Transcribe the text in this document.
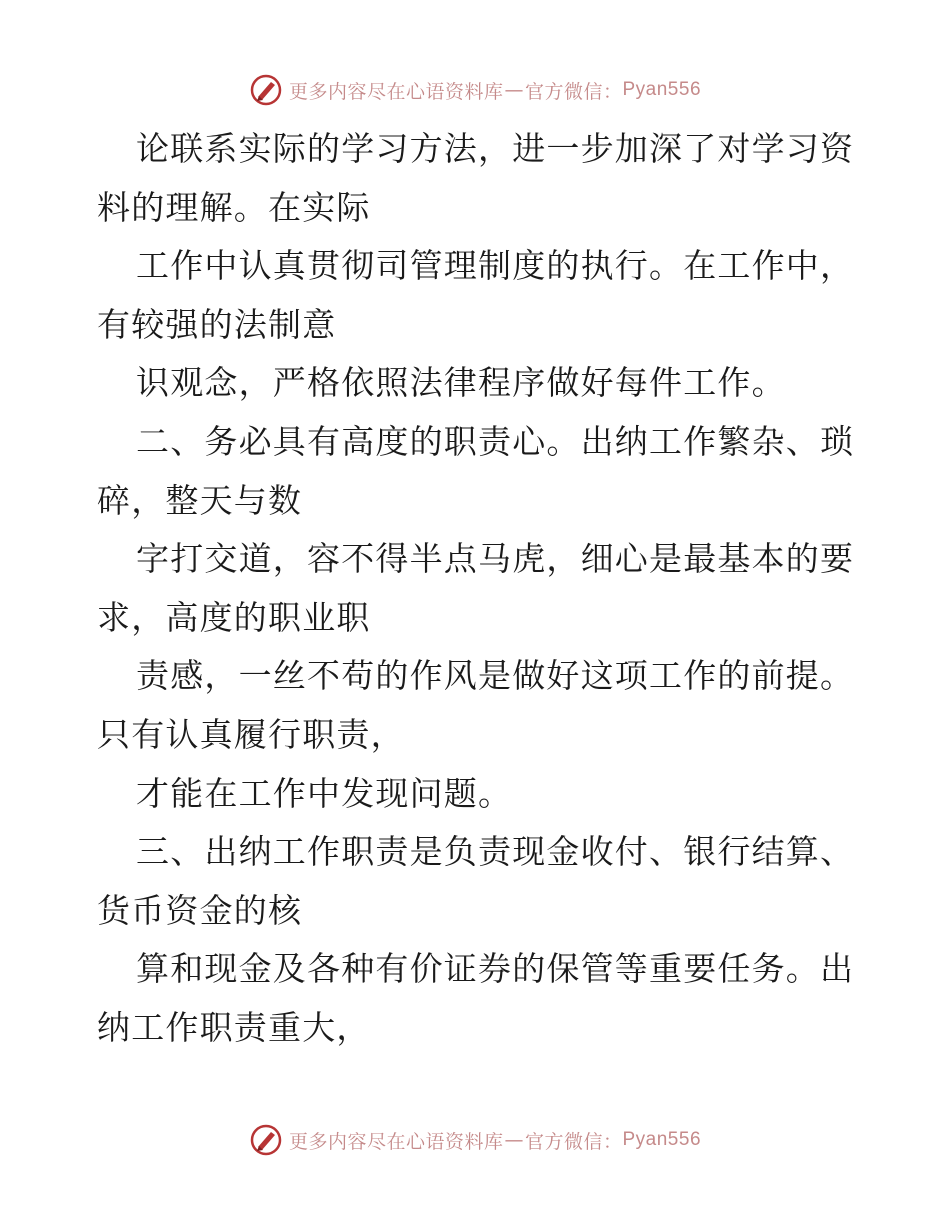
更多内容尽在心语资料库 — 官方微信： Pyan556
论联系实际的学习方法，进一步加深了对学习资
料的理解。在实际
工作中认真贯彻司管理制度的执行。在工作中，
有较强的法制意
识观念，严格依照法律程序做好每件工作。
二、务必具有高度的职责心。出纳工作繁杂、琐
碎，整天与数
字打交道，容不得半点马虎，细心是最基本的要
求，高度的职业职
责感，一丝不苟的作风是做好这项工作的前提。
只有认真履行职责，
才能在工作中发现问题。
三、出纳工作职责是负责现金收付、银行结算、
货币资金的核
算和现金及各种有价证券的保管等重要任务。出
纳工作职责重大，
更多内容尽在心语资料库 — 官方微信： Pyan556
